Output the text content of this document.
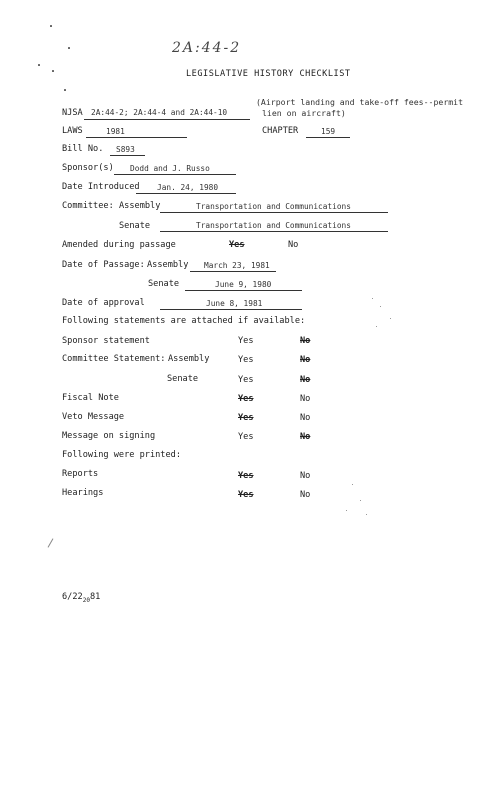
2A:44-2
LEGISLATIVE HISTORY CHECKLIST
NJSA 2A:44-2; 2A:44-4 and 2A:44-10
(Airport landing and take-off fees--permit
lien on aircraft)
LAWS	1981	CHAPTER	159
Bill No. S893
Sponsor(s) Dodd and J. Russo
Date Introduced Jan. 24, 1980
Committee: Assembly	Transportation and Communications
Senate	Transportation and Communications
Amended during passage	Yes	No
Date of Passage: Assembly March 23, 1981
Senate	June 9, 1980
Date of approval	June 8, 1981
Following statements are attached if available:
Sponsor statement	Yes	No
Committee Statement: Assembly	Yes	No
Senate	Yes	No
Fiscal Note	Yes	No
Veto Message	Yes	No
Message on signing	Yes	No
Following were printed:
Reports	Yes	No
Hearings	Yes	No
$6/22_{20}81$
